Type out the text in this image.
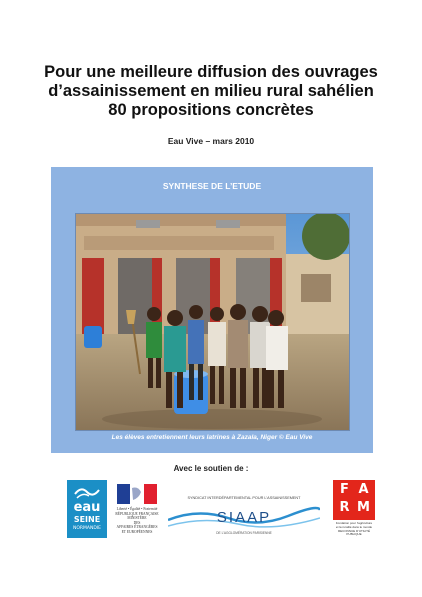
Pour une meilleure diffusion des ouvrages
d’assainissement en milieu rural sahélien
80 propositions concrètes
Eau Vive – mars 2010
SYNTHESE DE L’ETUDE
Les élèves entretiennent leurs latrines à Zazala, Niger © Eau Vive
Avec le soutien de :
eau
SEINE
NORMANDIE
Liberté • Égalité • Fraternité
RÉPUBLIQUE FRANÇAISE
MINISTÈRE
DES
AFFAIRES ÉTRANGÈRES
ET EUROPÉENNES
SYNDICAT INTERDÉPARTEMENTAL POUR L’ASSAINISSEMENT
SIAAP
DE L’AGGLOMÉRATION PARISIENNE
F A
R M
Fondation pour l’agriculture
et la ruralité dans le monde
RECONNUE D’UTILITÉ PUBLIQUE
